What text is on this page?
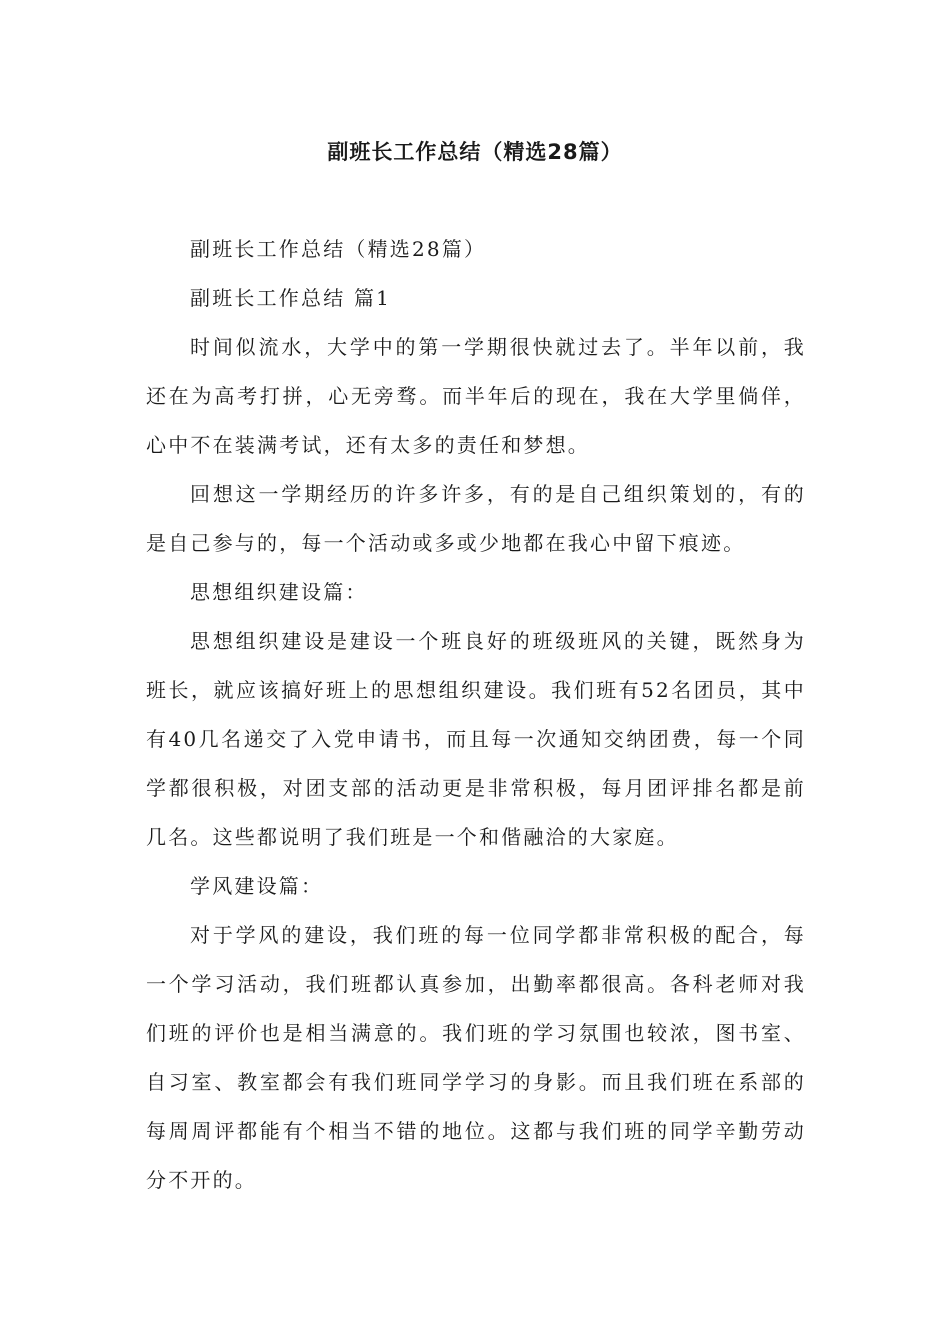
副班长工作总结（精选28篇）

副班长工作总结（精选28篇）

副班长工作总结 篇1

时间似流水，大学中的第一学期很快就过去了。半年以前，我还在为高考打拼，心无旁骛。而半年后的现在，我在大学里倘佯，心中不在装满考试，还有太多的责任和梦想。

回想这一学期经历的许多许多，有的是自己组织策划的，有的是自己参与的，每一个活动或多或少地都在我心中留下痕迹。

思想组织建设篇：

思想组织建设是建设一个班良好的班级班风的关键，既然身为班长，就应该搞好班上的思想组织建设。我们班有52名团员，其中有40几名递交了入党申请书，而且每一次通知交纳团费，每一个同学都很积极，对团支部的活动更是非常积极，每月团评排名都是前几名。这些都说明了我们班是一个和偕融洽的大家庭。

学风建设篇：

对于学风的建设，我们班的每一位同学都非常积极的配合，每一个学习活动，我们班都认真参加，出勤率都很高。各科老师对我们班的评价也是相当满意的。我们班的学习氛围也较浓，图书室、自习室、教室都会有我们班同学学习的身影。而且我们班在系部的每周周评都能有个相当不错的地位。这都与我们班的同学辛勤劳动分不开的。
